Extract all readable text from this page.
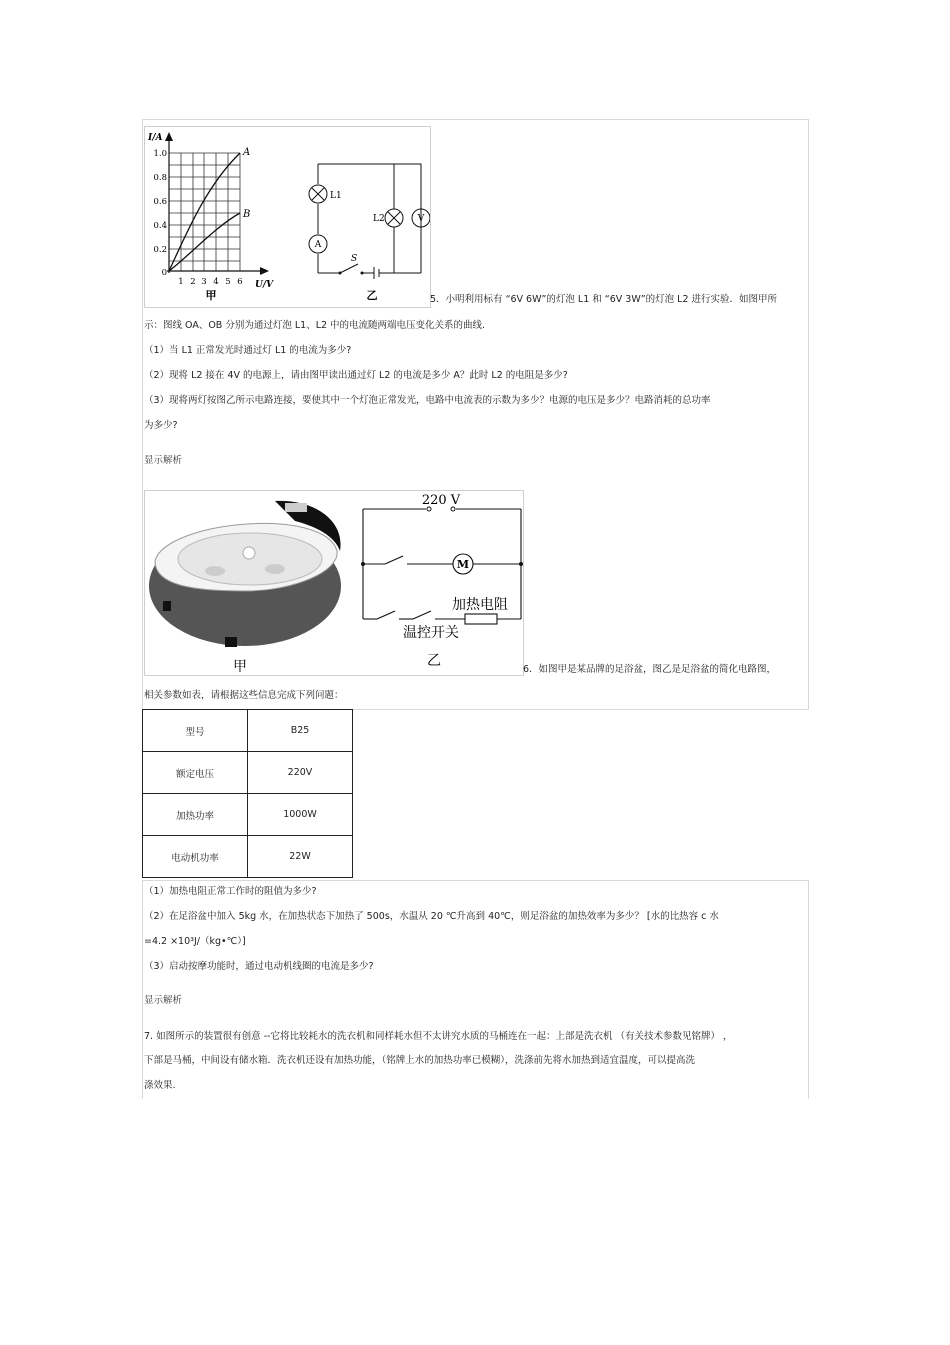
A
B
I/A
U/V
1.0
0.8
0.6
0.4
0.2
0
1 2 3 4 5 6
甲
L1
L2
A
V
S
乙	5．小明利用标有 “6V 6W”的灯泡 L1 和 “6V 3W”的灯泡 L2 进行实验．如图甲所
示：图线 OA、OB 分别为通过灯泡 L1、L2 中的电流随两端电压变化关系的曲线.
（1）当 L1 正常发光时通过灯 L1 的电流为多少?
（2）现将 L2 接在 4V 的电源上，请由图甲读出通过灯 L2 的电流是多少 A？此时 L2 的电阻是多少?
（3）现将两灯按图乙所示电路连接，要使其中一个灯泡正常发光，电路中电流表的示数为多少？电源的电压是多少？电路消耗的总功率
为多少?
显示解析
甲
220 V
M
加热电阻
温控开关
乙
6．如图甲是某品牌的足浴盆，图乙是足浴盆的简化电路图，
相关参数如表，请根据这些信息完成下列问题：
型号	B25
额定电压	220V
加热功率	1000W
电动机功率	22W
（1）加热电阻正常工作时的阻值为多少?
（2）在足浴盆中加入 5kg 水，在加热状态下加热了 500s，水温从 20 ℃升高到 40℃，则足浴盆的加热效率为多少？ [水的比热容 c 水
=4.2 ×10³J/（kg•℃）]
（3）启动按摩功能时，通过电动机线圈的电流是多少?
显示解析
7. 如图所示的装置很有创意 --它将比较耗水的洗衣机和同样耗水但不太讲究水质的马桶连在一起：上部是洗衣机 （有关技术参数见铭牌） ，
下部是马桶，中间设有储水箱．洗衣机还设有加热功能，（铭牌上水的加热功率已模糊），洗涤前先将水加热到适宜温度，可以提高洗
涤效果.
